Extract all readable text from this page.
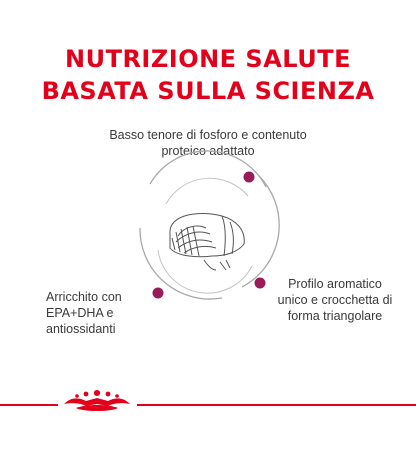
NUTRIZIONE SALUTE
BASATA SULLA SCIENZA
Basso tenore di fosforo e contenuto
proteico adattato
Arricchito con
EPA+DHA e
antiossidanti
Profilo aromatico
unico e crocchetta di
forma triangolare
